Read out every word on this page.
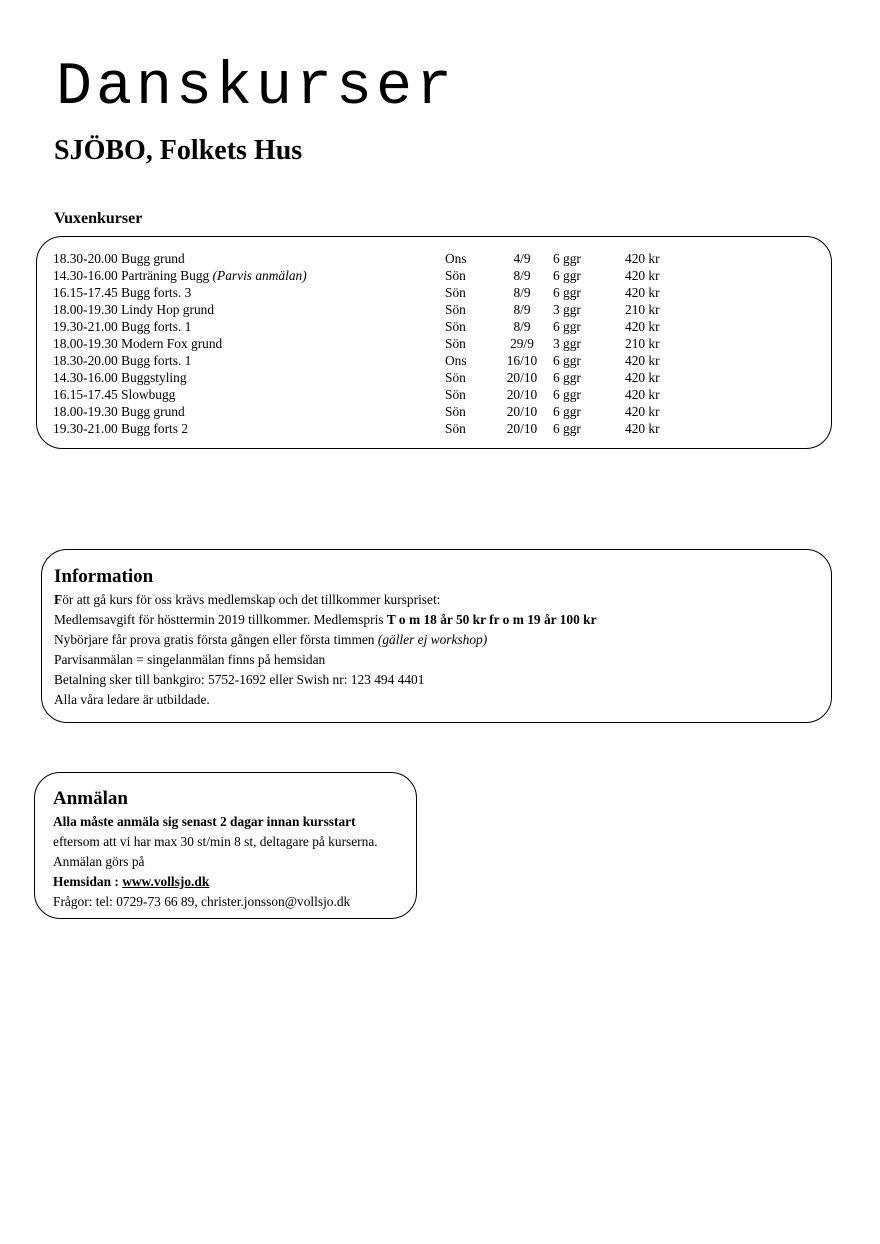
Danskurser
SJÖBO, Folkets Hus
Vuxenkurser
18.30-20.00 Bugg grund	Ons	4/9	6 ggr	420 kr
14.30-16.00 Parträning Bugg (Parvis anmälan)	Sön	8/9	6 ggr	420 kr
16.15-17.45 Bugg forts. 3	Sön	8/9	6 ggr	420 kr
18.00-19.30 Lindy Hop grund	Sön	8/9	3 ggr	210 kr
19.30-21.00 Bugg forts. 1	Sön	8/9	6 ggr	420 kr
18.00-19.30 Modern Fox grund	Sön	29/9	3 ggr	210 kr
18.30-20.00 Bugg forts. 1	Ons	16/10	6 ggr	420 kr
14.30-16.00 Buggstyling	Sön	20/10	6 ggr	420 kr
16.15-17.45 Slowbugg	Sön	20/10	6 ggr	420 kr
18.00-19.30 Bugg grund	Sön	20/10	6 ggr	420 kr
19.30-21.00 Bugg forts 2	Sön	20/10	6 ggr	420 kr
Information
För att gå kurs för oss krävs medlemskap och det tillkommer kurspriset:
Medlemsavgift för hösttermin 2019 tillkommer. Medlemspris T o m 18 år 50 kr fr o m 19 år 100 kr
Nybörjare får prova gratis första gången eller första timmen (gäller ej workshop)
Parvisanmälan = singelanmälan finns på hemsidan
Betalning sker till bankgiro: 5752-1692 eller Swish nr: 123 494 4401
Alla våra ledare är utbildade.
Anmälan
Alla måste anmäla sig senast 2 dagar innan kursstart
eftersom att vi har max 30 st/min 8 st, deltagare på kurserna.
Anmälan görs på
Hemsidan : www.vollsjo.dk
Frågor: tel: 0729-73 66 89, christer.jonsson@vollsjo.dk
